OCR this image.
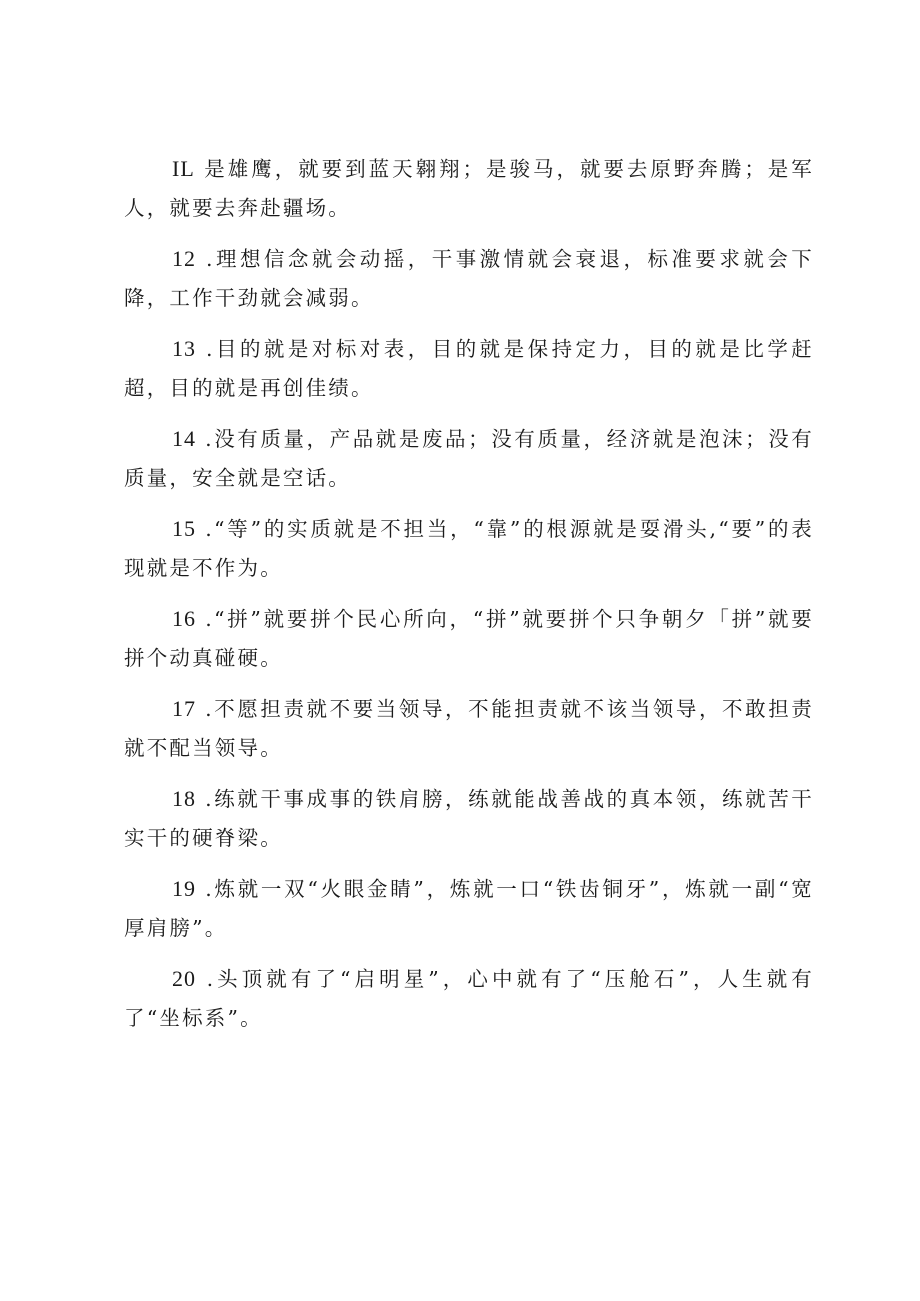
IL 是雄鹰，就要到蓝天翱翔；是骏马，就要去原野奔腾；是军人，就要去奔赴疆场。

12 .理想信念就会动摇，干事激情就会衰退，标准要求就会下降，工作干劲就会减弱。

13 .目的就是对标对表，目的就是保持定力，目的就是比学赶超，目的就是再创佳绩。

14 .没有质量，产品就是废品；没有质量，经济就是泡沫；没有质量，安全就是空话。

15 .“等”的实质就是不担当，“靠”的根源就是耍滑头,“要”的表现就是不作为。

16 .“拼”就要拼个民心所向，“拼”就要拼个只争朝夕「拼”就要拼个动真碰硬。

17 .不愿担责就不要当领导，不能担责就不该当领导，不敢担责就不配当领导。

18 .练就干事成事的铁肩膀，练就能战善战的真本领，练就苦干实干的硬脊梁。

19 .炼就一双“火眼金睛”，炼就一口“铁齿铜牙”，炼就一副“宽厚肩膀”。

20 .头顶就有了“启明星”，心中就有了“压舱石”，人生就有了“坐标系”。
